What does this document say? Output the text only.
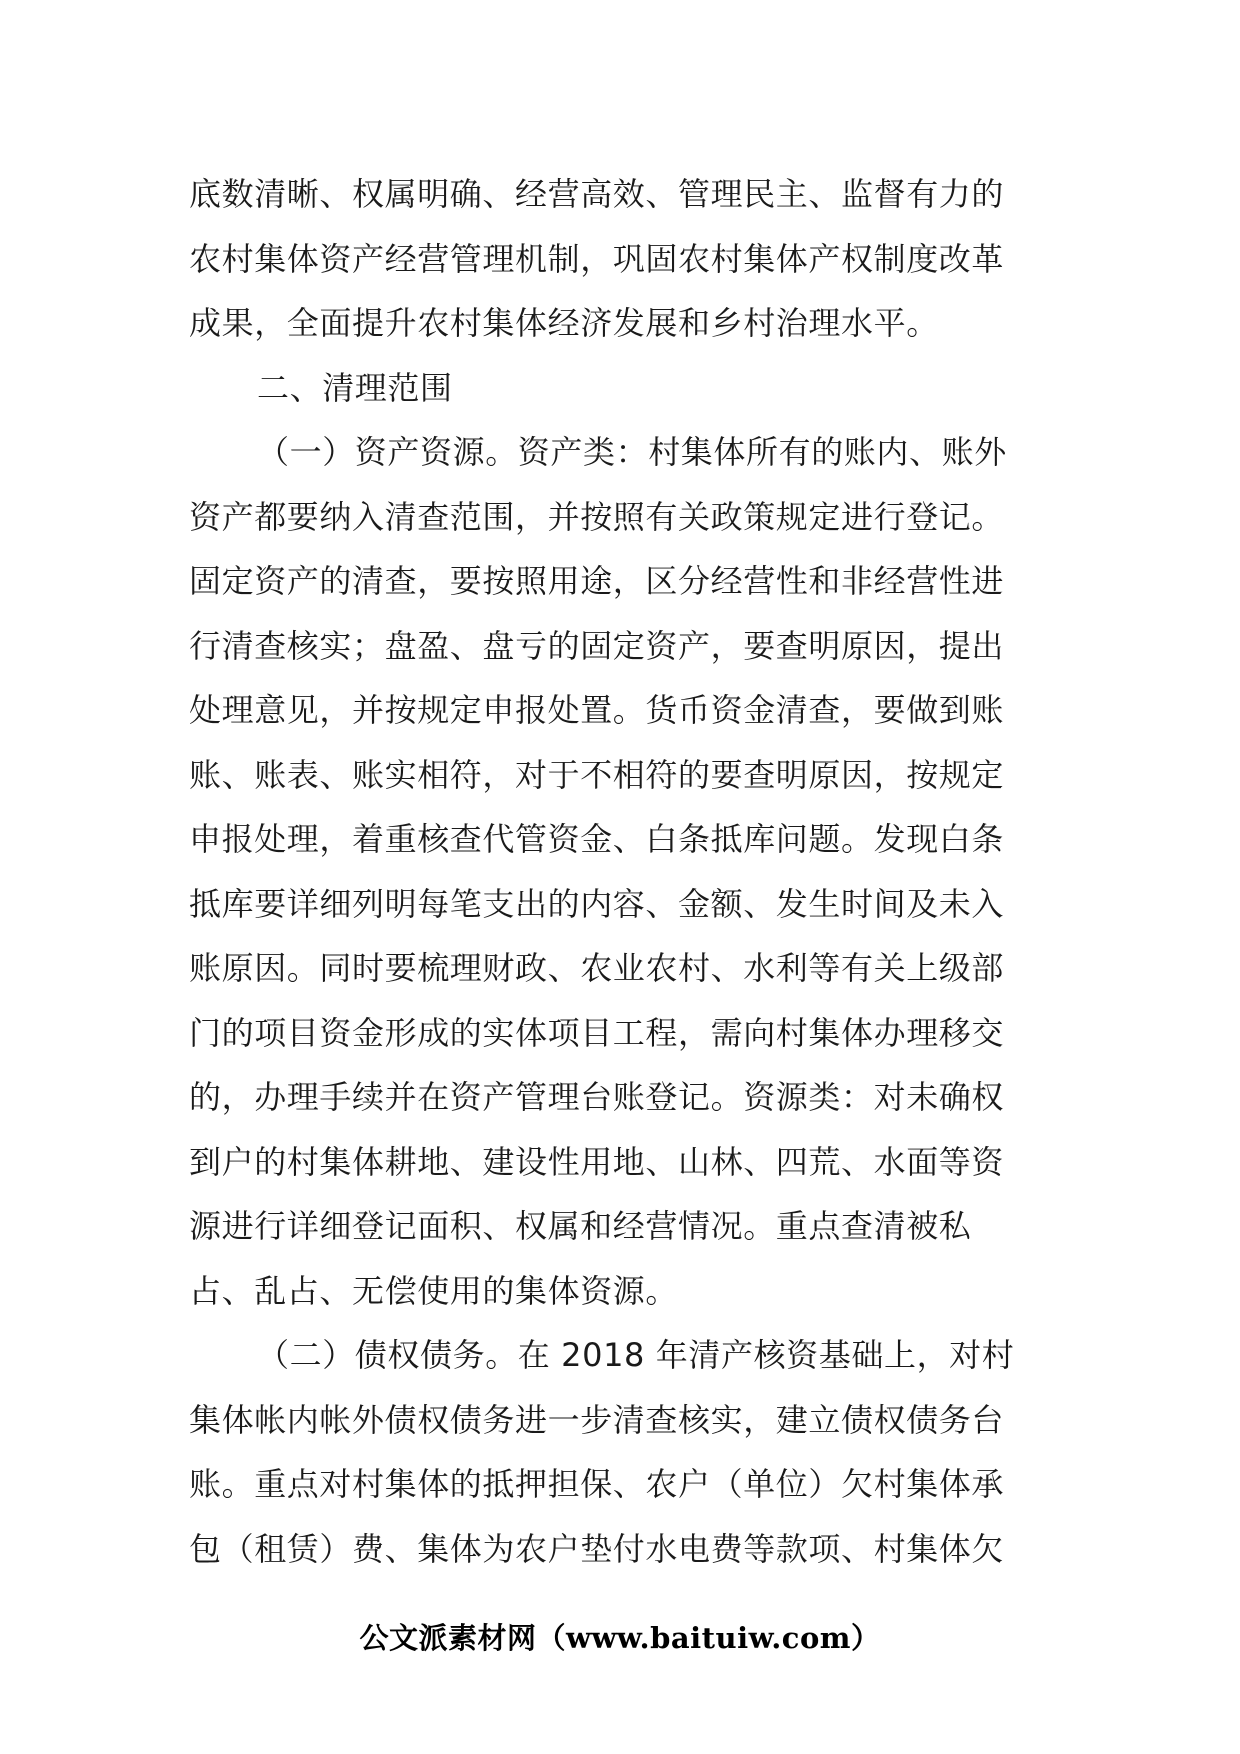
底数清晰、权属明确、经营高效、管理民主、监督有力的

农村集体资产经营管理机制，巩固农村集体产权制度改革

成果，全面提升农村集体经济发展和乡村治理水平。

二、清理范围

（一）资产资源。资产类：村集体所有的账内、账外

资产都要纳入清查范围，并按照有关政策规定进行登记。

固定资产的清查，要按照用途，区分经营性和非经营性进

行清查核实；盘盈、盘亏的固定资产，要查明原因，提出

处理意见，并按规定申报处置。货币资金清查，要做到账

账、账表、账实相符，对于不相符的要查明原因，按规定

申报处理，着重核查代管资金、白条抵库问题。发现白条

抵库要详细列明每笔支出的内容、金额、发生时间及未入

账原因。同时要梳理财政、农业农村、水利等有关上级部

门的项目资金形成的实体项目工程，需向村集体办理移交

的，办理手续并在资产管理台账登记。资源类：对未确权

到户的村集体耕地、建设性用地、山林、四荒、水面等资

源进行详细登记面积、权属和经营情况。重点查清被私

占、乱占、无偿使用的集体资源。

（二）债权债务。在 2018 年清产核资基础上，对村

集体帐内帐外债权债务进一步清查核实，建立债权债务台

账。重点对村集体的抵押担保、农户（单位）欠村集体承

包（租赁）费、集体为农户垫付水电费等款项、村集体欠

公文派素材网（www.baituiw.com）
